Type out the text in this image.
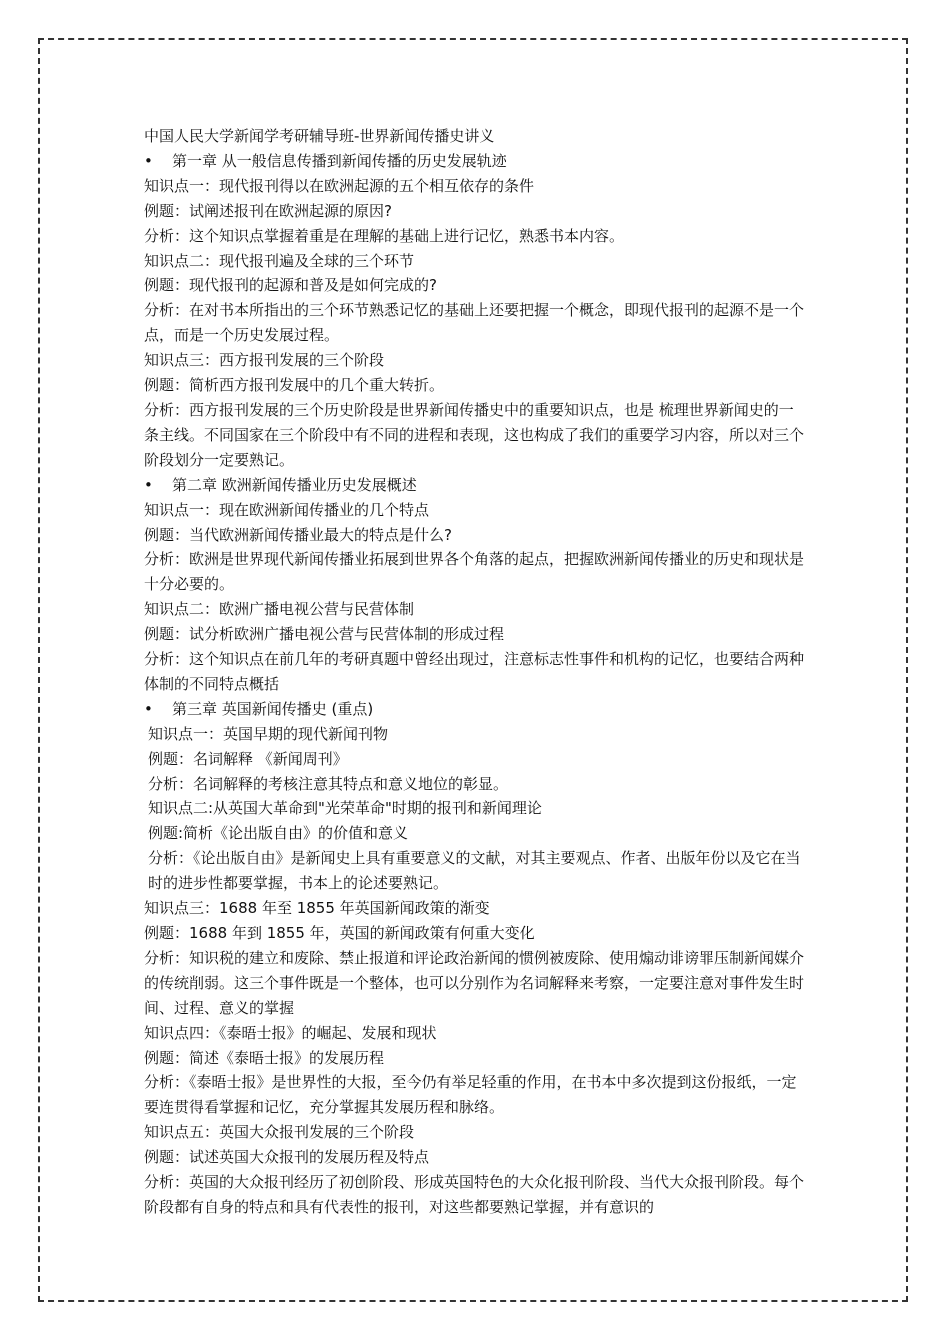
中国人民大学新闻学考研辅导班-世界新闻传播史讲义
• 第一章 从一般信息传播到新闻传播的历史发展轨迹
知识点一：现代报刊得以在欧洲起源的五个相互依存的条件
例题：试阐述报刊在欧洲起源的原因?
分析：这个知识点掌握着重是在理解的基础上进行记忆，熟悉书本内容。
知识点二：现代报刊遍及全球的三个环节
例题：现代报刊的起源和普及是如何完成的?
分析：在对书本所指出的三个环节熟悉记忆的基础上还要把握一个概念，即现代报刊的起源不是一个点，而是一个历史发展过程。
知识点三：西方报刊发展的三个阶段
例题：简析西方报刊发展中的几个重大转折。
分析：西方报刊发展的三个历史阶段是世界新闻传播史中的重要知识点，也是 梳理世界新闻史的一条主线。不同国家在三个阶段中有不同的进程和表现，这也构成了我们的重要学习内容，所以对三个阶段划分一定要熟记。
• 第二章 欧洲新闻传播业历史发展概述
知识点一：现在欧洲新闻传播业的几个特点
例题：当代欧洲新闻传播业最大的特点是什么?
分析：欧洲是世界现代新闻传播业拓展到世界各个角落的起点，把握欧洲新闻传播业的历史和现状是十分必要的。
知识点二：欧洲广播电视公营与民营体制
例题：试分析欧洲广播电视公营与民营体制的形成过程
分析：这个知识点在前几年的考研真题中曾经出现过，注意标志性事件和机构的记忆，也要结合两种体制的不同特点概括
• 第三章 英国新闻传播史 (重点)
知识点一：英国早期的现代新闻刊物
例题：名词解释 《新闻周刊》
分析：名词解释的考核注意其特点和意义地位的彰显。
知识点二:从英国大革命到"光荣革命"时期的报刊和新闻理论
例题:简析《论出版自由》的价值和意义
分析：《论出版自由》是新闻史上具有重要意义的文献，对其主要观点、作者、出版年份以及它在当时的进步性都要掌握，书本上的论述要熟记。
知识点三：1688 年至 1855 年英国新闻政策的渐变
例题：1688 年到 1855 年，英国的新闻政策有何重大变化
分析：知识税的建立和废除、禁止报道和评论政治新闻的惯例被废除、使用煽动诽谤罪压制新闻媒介的传统削弱。这三个事件既是一个整体，也可以分别作为名词解释来考察，一定要注意对事件发生时间、过程、意义的掌握
知识点四：《泰晤士报》的崛起、发展和现状
例题：简述《泰晤士报》的发展历程
分析：《泰晤士报》是世界性的大报，至今仍有举足轻重的作用，在书本中多次提到这份报纸，一定要连贯得看掌握和记忆，充分掌握其发展历程和脉络。
知识点五：英国大众报刊发展的三个阶段
例题：试述英国大众报刊的发展历程及特点
分析：英国的大众报刊经历了初创阶段、形成英国特色的大众化报刊阶段、当代大众报刊阶段。每个阶段都有自身的特点和具有代表性的报刊，对这些都要熟记掌握，并有意识的
